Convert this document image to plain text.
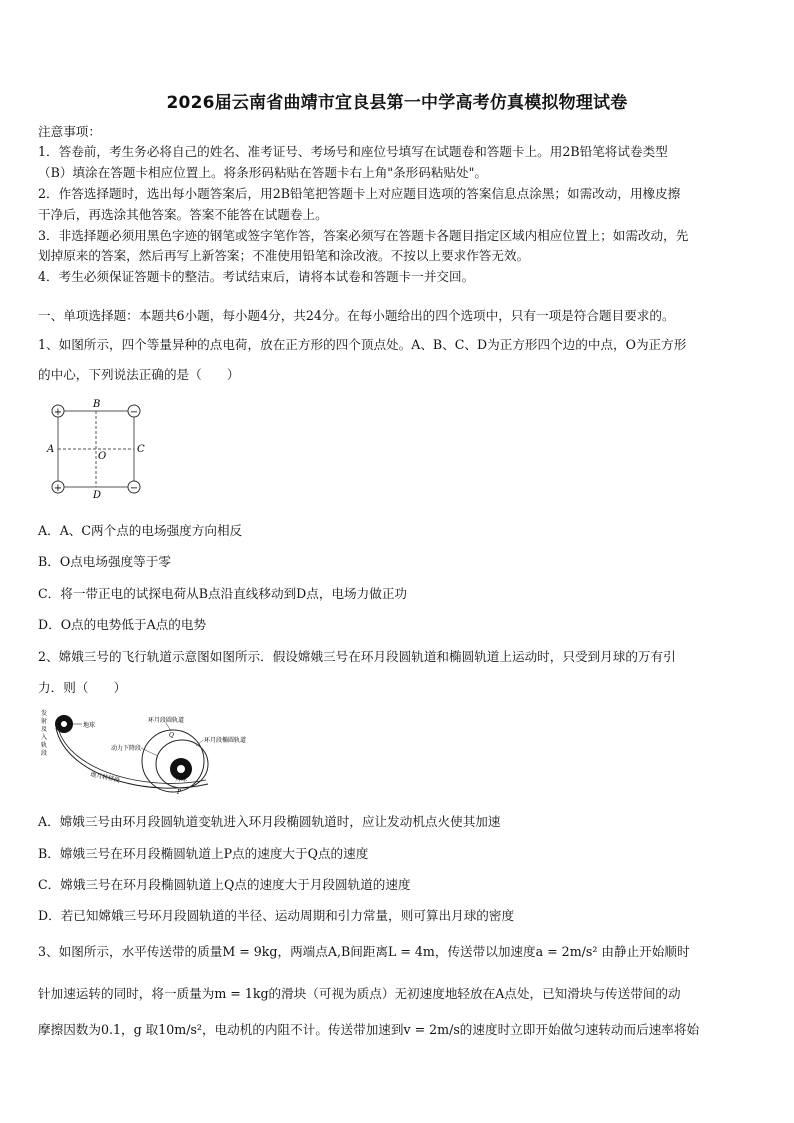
2026届云南省曲靖市宜良县第一中学高考仿真模拟物理试卷
注意事项：
1．答卷前，考生务必将自己的姓名、准考证号、考场号和座位号填写在试题卷和答题卡上。用2B铅笔将试卷类型
（B）填涂在答题卡相应位置上。将条形码粘贴在答题卡右上角"条形码粘贴处"。
2．作答选择题时，选出每小题答案后，用2B铅笔把答题卡上对应题目选项的答案信息点涂黑；如需改动，用橡皮擦
干净后，再选涂其他答案。答案不能答在试题卷上。
3．非选择题必须用黑色字迹的钢笔或签字笔作答，答案必须写在答题卡各题目指定区域内相应位置上；如需改动，先
划掉原来的答案，然后再写上新答案；不准使用铅笔和涂改液。不按以上要求作答无效。
4．考生必须保证答题卡的整洁。考试结束后，请将本试卷和答题卡一并交回。
一、单项选择题：本题共6小题，每小题4分，共24分。在每小题给出的四个选项中，只有一项是符合题目要求的。
1、如图所示，四个等量异种的点电荷，放在正方形的四个顶点处。A、B、C、D为正方形四个边的中点，O为正方形
的中心，下列说法正确的是（　　）
+	−
+	−
B
A	C
O
D
A．A、C两个点的电场强度方向相反
B．O点电场强度等于零
C．将一带正电的试探电荷从B点沿直线移动到D点，电场力做正功
D．O点的电势低于A点的电势
2、嫦娥三号的飞行轨道示意图如图所示．假设嫦娥三号在环月段圆轨道和椭圆轨道上运动时，只受到月球的万有引
力．则（　　）
发
射
及
入
轨
段
地球
地月转移段
Q
P
环月段圆轨道
环月段椭圆轨道
动力下降段
月球
A．嫦娥三号由环月段圆轨道变轨进入环月段椭圆轨道时，应让发动机点火使其加速
B．嫦娥三号在环月段椭圆轨道上P点的速度大于Q点的速度
C．嫦娥三号在环月段椭圆轨道上Q点的速度大于月段圆轨道的速度
D．若已知嫦娥三号环月段圆轨道的半径、运动周期和引力常量，则可算出月球的密度
3、如图所示，水平传送带的质量M = 9kg，两端点A,B间距离L = 4m，传送带以加速度a = 2m/s² 由静止开始顺时
针加速运转的同时，将一质量为m = 1kg的滑块（可视为质点）无初速度地轻放在A点处，已知滑块与传送带间的动
摩擦因数为0.1，g 取10m/s²，电动机的内阻不计。传送带加速到v = 2m/s的速度时立即开始做匀速转动而后速率将始
